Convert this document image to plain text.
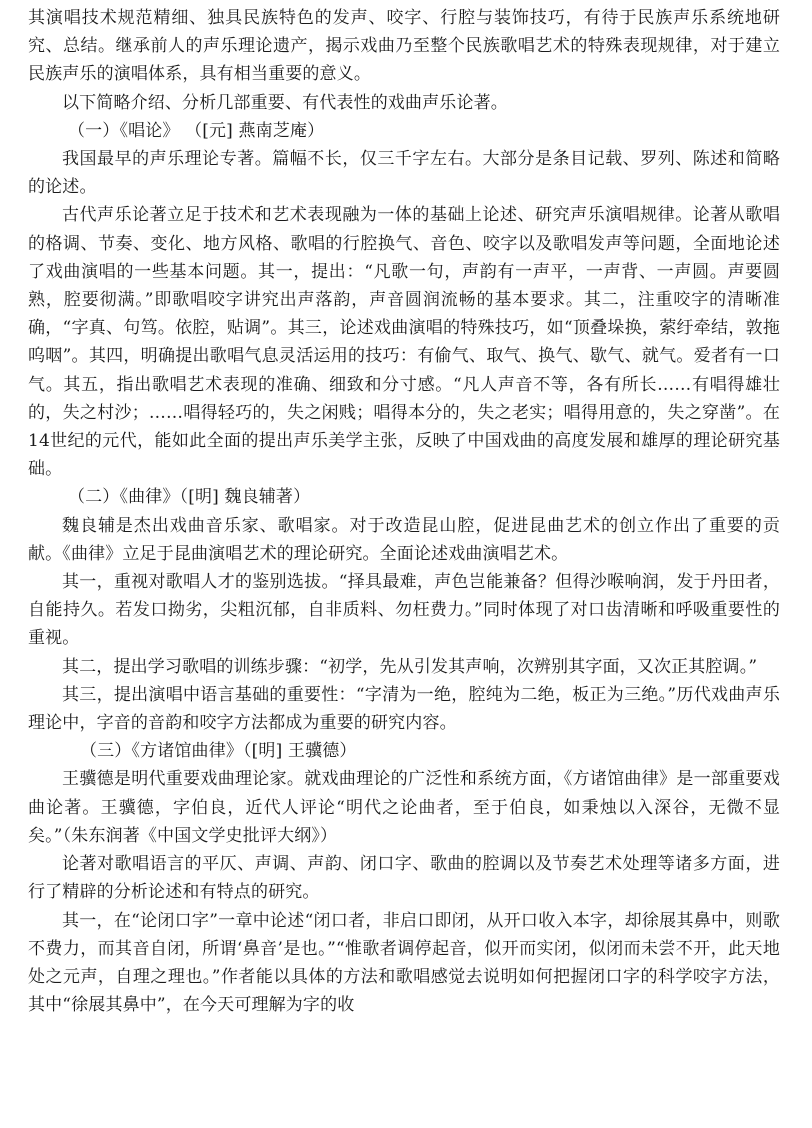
其演唱技术规范精细、独具民族特色的发声、咬字、行腔与装饰技巧，有待于民族声乐系统地研究、总结。继承前人的声乐理论遗产，揭示戏曲乃至整个民族歌唱艺术的特殊表现规律，对于建立民族声乐的演唱体系，具有相当重要的意义。

以下简略介绍、分析几部重要、有代表性的戏曲声乐论著。

（一）《唱论》 （[元] 燕南芝庵）

我国最早的声乐理论专著。篇幅不长，仅三千字左右。大部分是条目记载、罗列、陈述和简略的论述。

古代声乐论著立足于技术和艺术表现融为一体的基础上论述、研究声乐演唱规律。论著从歌唱的格调、节奏、变化、地方风格、歌唱的行腔换气、音色、咬字以及歌唱发声等问题，全面地论述了戏曲演唱的一些基本问题。其一，提出：“凡歌一句，声韵有一声平，一声背、一声圆。声要圆熟，腔要彻满。”即歌唱咬字讲究出声落韵，声音圆润流畅的基本要求。其二，注重咬字的清晰准确，“字真、句笃。依腔，贴调”。其三，论述戏曲演唱的特殊技巧，如“顶叠垛换，萦纡牵结，敦拖呜咽”。其四，明确提出歌唱气息灵活运用的技巧：有偷气、取气、换气、歇气、就气。爱者有一口气。其五，指出歌唱艺术表现的准确、细致和分寸感。“凡人声音不等，各有所长……有唱得雄壮的，失之村沙；……唱得轻巧的，失之闲贱；唱得本分的，失之老实；唱得用意的，失之穿凿”。在14世纪的元代，能如此全面的提出声乐美学主张，反映了中国戏曲的高度发展和雄厚的理论研究基础。

（二）《曲律》（[明] 魏良辅著）

魏良辅是杰出戏曲音乐家、歌唱家。对于改造昆山腔，促进昆曲艺术的创立作出了重要的贡献。《曲律》立足于昆曲演唱艺术的理论研究。全面论述戏曲演唱艺术。

其一，重视对歌唱人才的鉴别选拔。“择具最难，声色岂能兼备？但得沙喉响润，发于丹田者，自能持久。若发口拗劣，尖粗沉郁，自非质料、勿枉费力。”同时体现了对口齿清晰和呼吸重要性的重视。

其二，提出学习歌唱的训练步骤：“初学，先从引发其声响，次辨别其字面，又次正其腔调。”

其三，提出演唱中语言基础的重要性：“字清为一绝，腔纯为二绝，板正为三绝。”历代戏曲声乐理论中，字音的音韵和咬字方法都成为重要的研究内容。

（三）《方诸馆曲律》（[明] 王骥德）

王骥德是明代重要戏曲理论家。就戏曲理论的广泛性和系统方面，《方诸馆曲律》是一部重要戏曲论著。王骥德，字伯良，近代人评论“明代之论曲者，至于伯良，如秉烛以入深谷，无微不显矣。”（朱东润著《中国文学史批评大纲》）

论著对歌唱语言的平仄、声调、声韵、闭口字、歌曲的腔调以及节奏艺术处理等诸多方面，进行了精辟的分析论述和有特点的研究。

其一，在“论闭口字”一章中论述“闭口者，非启口即闭，从开口收入本字，却徐展其鼻中，则歌不费力，而其音自闭，所谓‘鼻音’是也。”“惟歌者调停起音，似开而实闭，似闭而未尝不开，此天地处之元声，自理之理也。”作者能以具体的方法和歌唱感觉去说明如何把握闭口字的科学咬字方法，其中“徐展其鼻中”，在今天可理解为字的收
